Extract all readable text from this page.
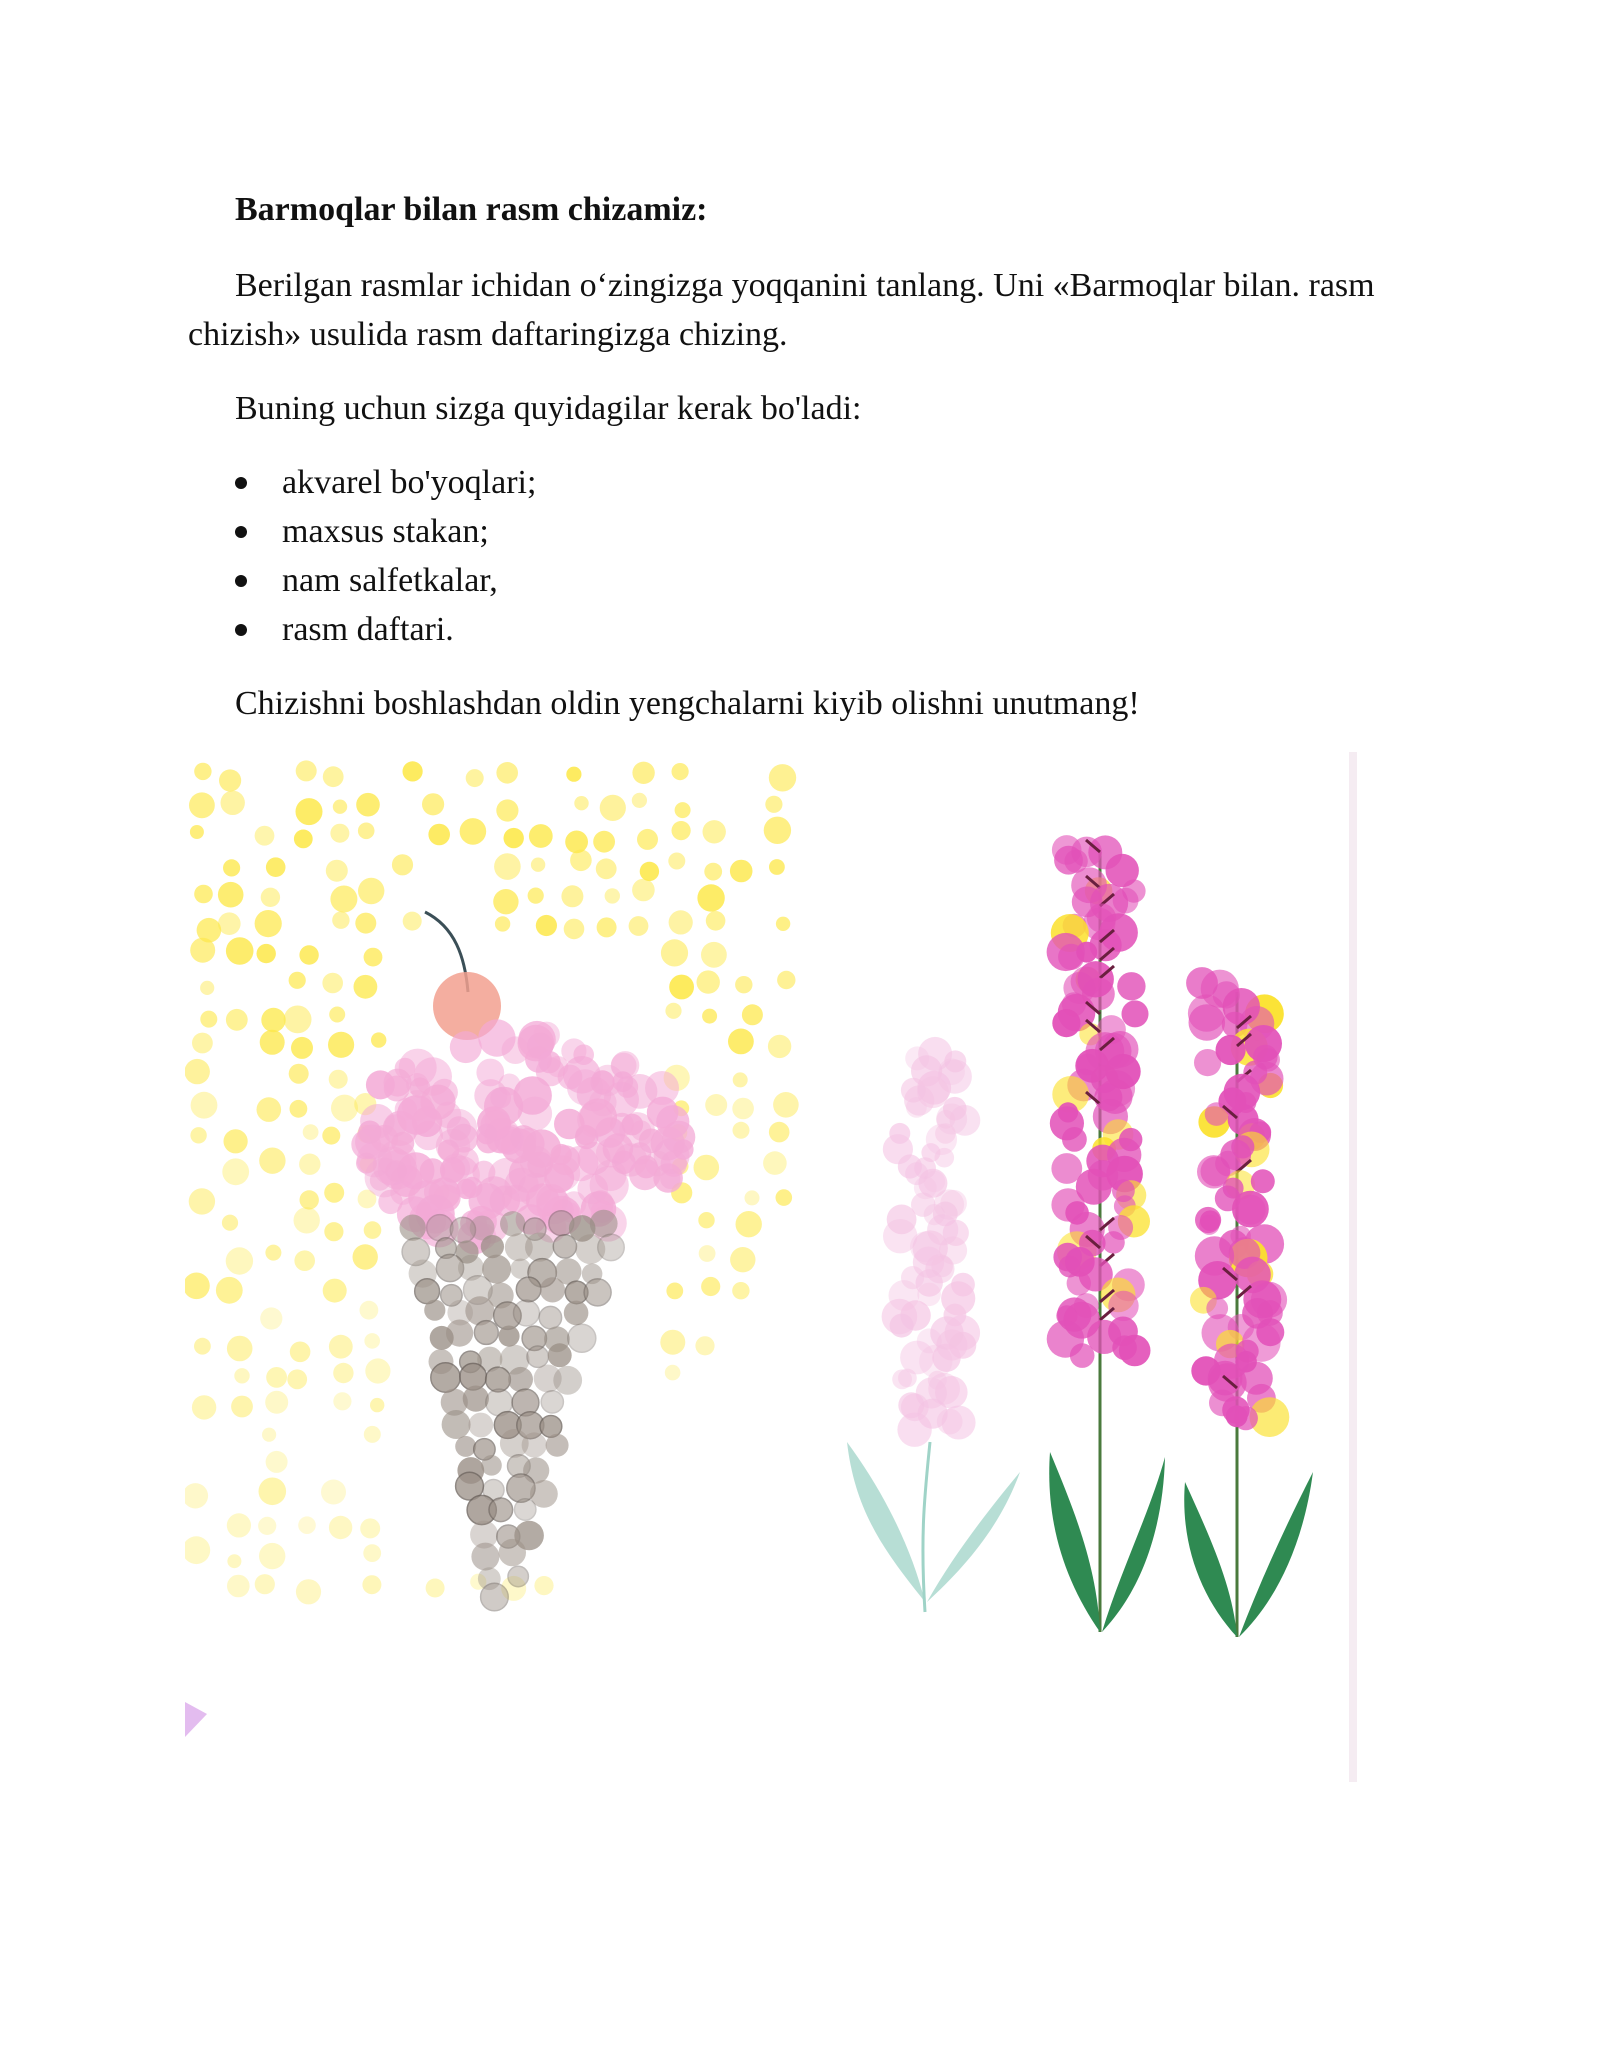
Barmoqlar bilan rasm chizamiz:

Berilgan rasmlar ichidan o‘zingizga yoqqanini tanlang. Uni «Barmoqlar bilan. rasm chizish» usulida rasm daftaringizga chizing.

Buning uchun sizga quyidagilar kerak bo'ladi:

akvarel bo'yoqlari;
maxsus stakan;
nam salfetkalar,
rasm daftari.

Chizishni boshlashdan oldin yengchalarni kiyib olishni unutmang!
